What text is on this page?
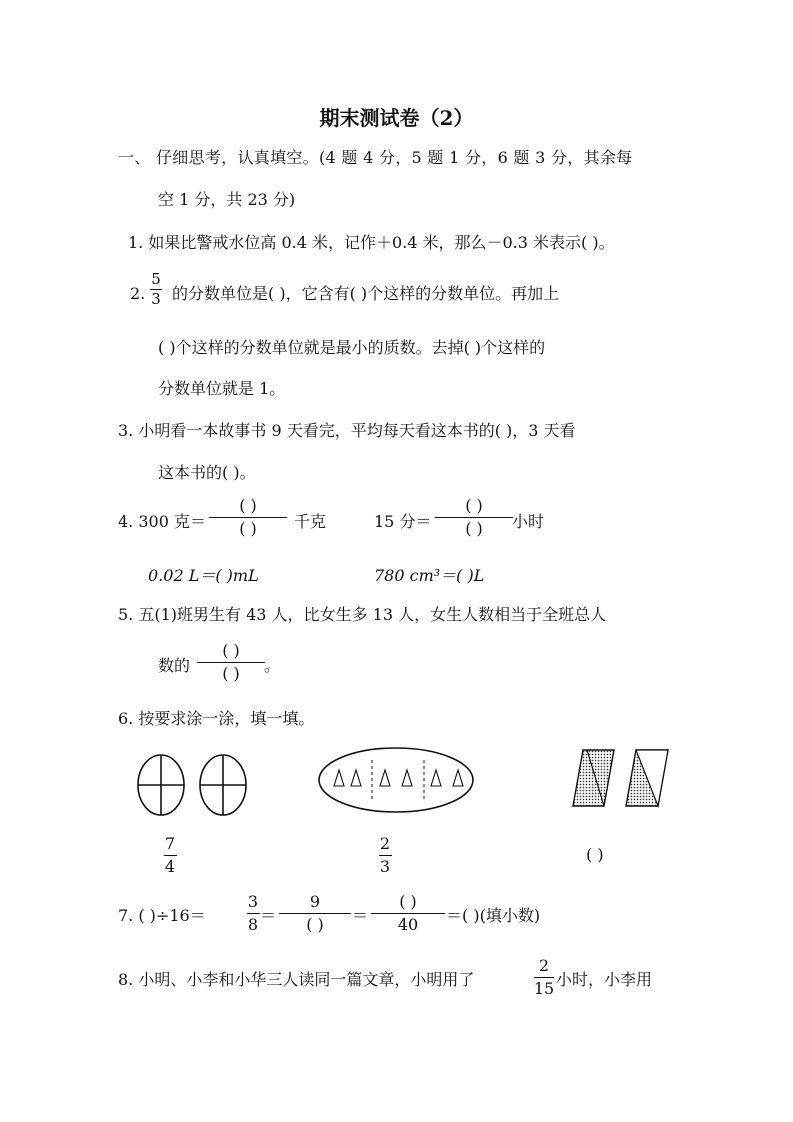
期末测试卷（2）
一、 仔细思考，认真填空。(4 题 4 分，5 题 1 分，6 题 3 分，其余每
空 1 分，共 23 分)
1. 如果比警戒水位高 0.4 米，记作＋0.4 米，那么－0.3 米表示( )。
2.
5
3 的分数单位是( )，它含有( )个这样的分数单位。再加上
( )个这样的分数单位就是最小的质数。去掉( )个这样的
分数单位就是 1。
3. 小明看一本故事书 9 天看完，平均每天看这本书的( )，3 天看
这本书的( )。
4. 300 克＝
( )
( ) 千克	15 分＝
( )
( ) 小时
0.02 L＝( )mL	780 cm³＝( )L
5. 五(1)班男生有 43 人，比女生多 13 人，女生人数相当于全班总人
数的
( )
( ) 。
6. 按要求涂一涂，填一填。
7
4
2
3
( )
7. ( )÷16＝
3
8 ＝
9
( ) ＝
( )
40 ＝( )(填小数)
8. 小明、小李和小华三人读同一篇文章，小明用了
2
15 小时，小李用
